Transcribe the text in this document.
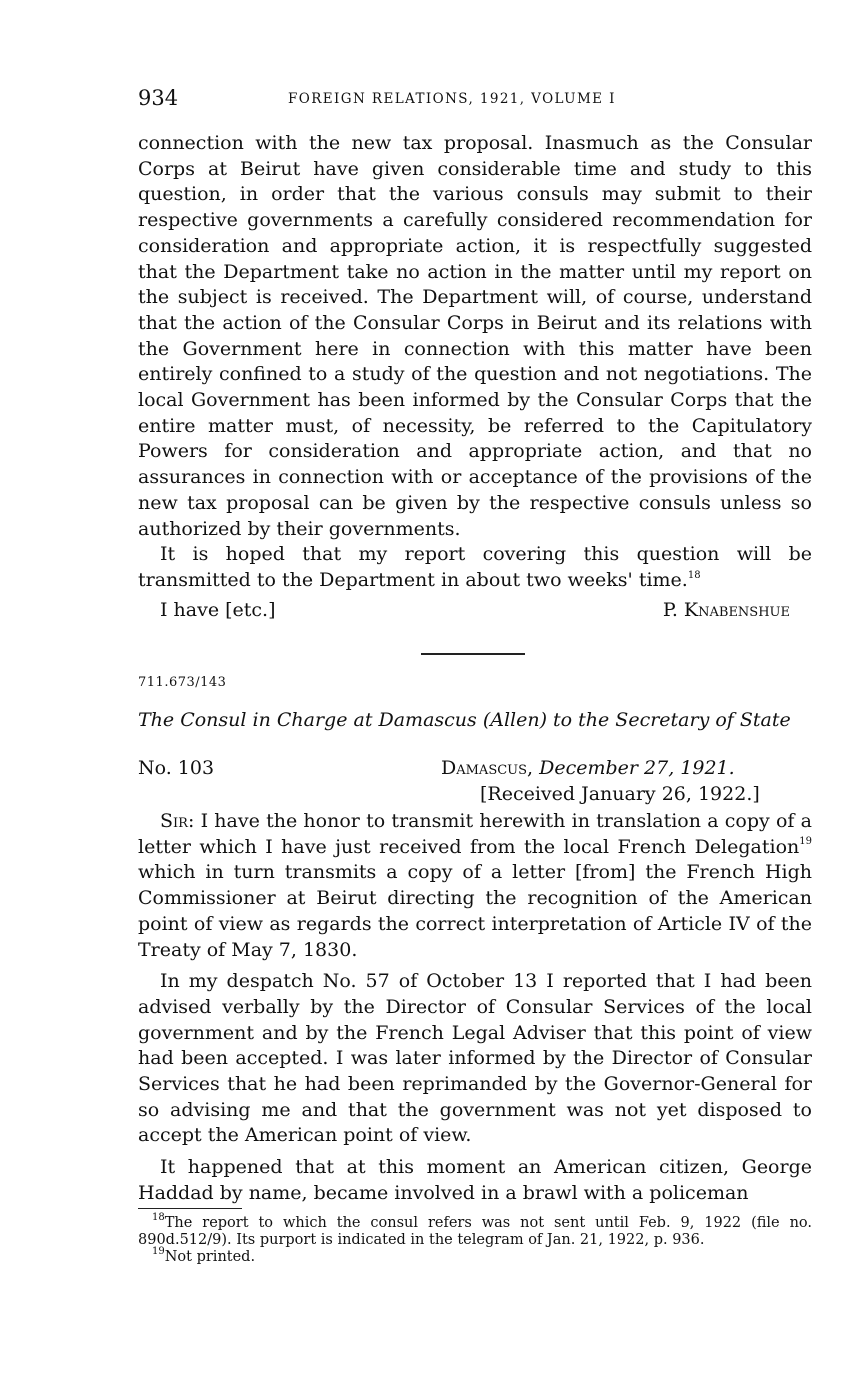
934	FOREIGN RELATIONS, 1921, VOLUME I

connection with the new tax proposal. Inasmuch as the Consular Corps at Beirut have given considerable time and study to this question, in order that the various consuls may submit to their respective governments a carefully considered recommendation for consideration and appropriate action, it is respectfully suggested that the Department take no action in the matter until my report on the subject is received. The Department will, of course, understand that the action of the Consular Corps in Beirut and its relations with the Government here in connection with this matter have been entirely confined to a study of the question and not negotiations. The local Government has been informed by the Consular Corps that the entire matter must, of necessity, be referred to the Capitulatory Powers for consideration and appropriate action, and that no assurances in connection with or acceptance of the provisions of the new tax proposal can be given by the respective consuls unless so authorized by their governments.

It is hoped that my report covering this question will be transmitted to the Department in about two weeks' time.$^{18}$

I have [etc.]	P. Knabenshue
711.673/143
The Consul in Charge at Damascus (Allen) to the Secretary of State
No. 103	Damascus, December 27, 1921.
[Received January 26, 1922.]

Sir: I have the honor to transmit herewith in translation a copy of a letter which I have just received from the local French Delegation$^{19}$ which in turn transmits a copy of a letter [from] the French High Commissioner at Beirut directing the recognition of the American point of view as regards the correct interpretation of Article IV of the Treaty of May 7, 1830.

In my despatch No. 57 of October 13 I reported that I had been advised verbally by the Director of Consular Services of the local government and by the French Legal Adviser that this point of view had been accepted. I was later informed by the Director of Consular Services that he had been reprimanded by the Governor-General for so advising me and that the government was not yet disposed to accept the American point of view.

It happened that at this moment an American citizen, George Haddad by name, became involved in a brawl with a policeman

$^{18}$The report to which the consul refers was not sent until Feb. 9, 1922 (file no. 890d.512/9). Its purport is indicated in the telegram of Jan. 21, 1922, p. 936.

$^{19}$Not printed.
